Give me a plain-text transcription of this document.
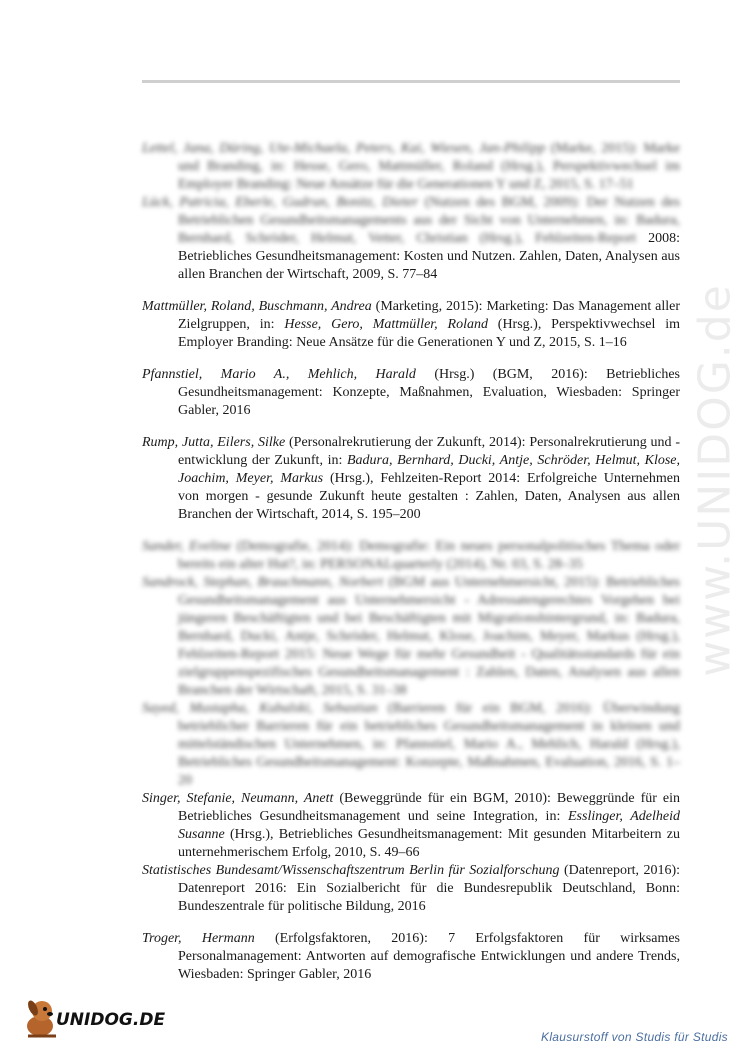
Lettel, Jana, Düring, Ute-Michaela, Peters, Kai, Wiesen, Jan-Philipp (Marke, 2015): Marke und Branding, in: Hesse, Gero, Mattmüller, Roland (Hrsg.), Perspektivwechsel im Employer Branding: Neue Ansätze für die Generationen Y und Z, 2015, S. 17–51

Lück, Patricia, Eberle, Gudrun, Bonitz, Dieter (Nutzen des BGM, 2009): Der Nutzen des Betrieblichen Gesundheitsmanagements aus der Sicht von Unternehmen, in: Badura, Bernhard, Schröder, Helmut, Vetter, Christian (Hrsg.), Fehlzeiten-Report 2008: Betriebliches Gesundheitsmanagement: Kosten und Nutzen. Zahlen, Daten, Analysen aus allen Branchen der Wirtschaft, 2009, S. 77–84

Mattmüller, Roland, Buschmann, Andrea (Marketing, 2015): Marketing: Das Management aller Zielgruppen, in: Hesse, Gero, Mattmüller, Roland (Hrsg.), Perspektivwechsel im Employer Branding: Neue Ansätze für die Generationen Y und Z, 2015, S. 1–16

Pfannstiel, Mario A., Mehlich, Harald (Hrsg.) (BGM, 2016): Betriebliches Gesundheitsmanagement: Konzepte, Maßnahmen, Evaluation, Wiesbaden: Springer Gabler, 2016

Rump, Jutta, Eilers, Silke (Personalrekrutierung der Zukunft, 2014): Personalrekrutierung und -entwicklung der Zukunft, in: Badura, Bernhard, Ducki, Antje, Schröder, Helmut, Klose, Joachim, Meyer, Markus (Hrsg.), Fehlzeiten-Report 2014: Erfolgreiche Unternehmen von morgen - gesunde Zukunft heute gestalten : Zahlen, Daten, Analysen aus allen Branchen der Wirtschaft, 2014, S. 195–200

Sander, Eveline (Demografie, 2014): Demografie: Ein neues personalpolitisches Thema oder bereits ein alter Hut?, in: PERSONALquarterly (2014), Nr. 03, S. 28–35

Sandrock, Stephan, Brauchmann, Norbert (BGM aus Unternehmersicht, 2015): Betriebliches Gesundheitsmanagement aus Unternehmersicht - Adressatengerechtes Vorgehen bei jüngeren Beschäftigten und bei Beschäftigten mit Migrationshintergrund, in: Badura, Bernhard, Ducki, Antje, Schröder, Helmut, Klose, Joachim, Meyer, Markus (Hrsg.), Fehlzeiten-Report 2015: Neue Wege für mehr Gesundheit - Qualitätsstandards für ein zielgruppenspezifisches Gesundheitsmanagement : Zahlen, Daten, Analysen aus allen Branchen der Wirtschaft, 2015, S. 31–38

Sayed, Mustapha, Kubalski, Sebastian (Barrieren für ein BGM, 2016): Überwindung betrieblicher Barrieren für ein betriebliches Gesundheitsmanagement in kleinen und mittelständischen Unternehmen, in: Pfannstiel, Mario A., Mehlich, Harald (Hrsg.), Betriebliches Gesundheitsmanagement: Konzepte, Maßnahmen, Evaluation, 2016, S. 1–20

Singer, Stefanie, Neumann, Anett (Beweggründe für ein BGM, 2010): Beweggründe für ein Betriebliches Gesundheitsmanagement und seine Integration, in: Esslinger, Adelheid Susanne (Hrsg.), Betriebliches Gesundheitsmanagement: Mit gesunden Mitarbeitern zu unternehmerischem Erfolg, 2010, S. 49–66

Statistisches Bundesamt/Wissenschaftszentrum Berlin für Sozialforschung (Datenreport, 2016): Datenreport 2016: Ein Sozialbericht für die Bundesrepublik Deutschland, Bonn: Bundeszentrale für politische Bildung, 2016

Troger, Hermann (Erfolgsfaktoren, 2016): 7 Erfolgsfaktoren für wirksames Personalmanagement: Antworten auf demografische Entwicklungen und andere Trends, Wiesbaden: Springer Gabler, 2016

www.UNIDOG.de
UNIDOG.DE
Klausurstoff von Studis für Studis
